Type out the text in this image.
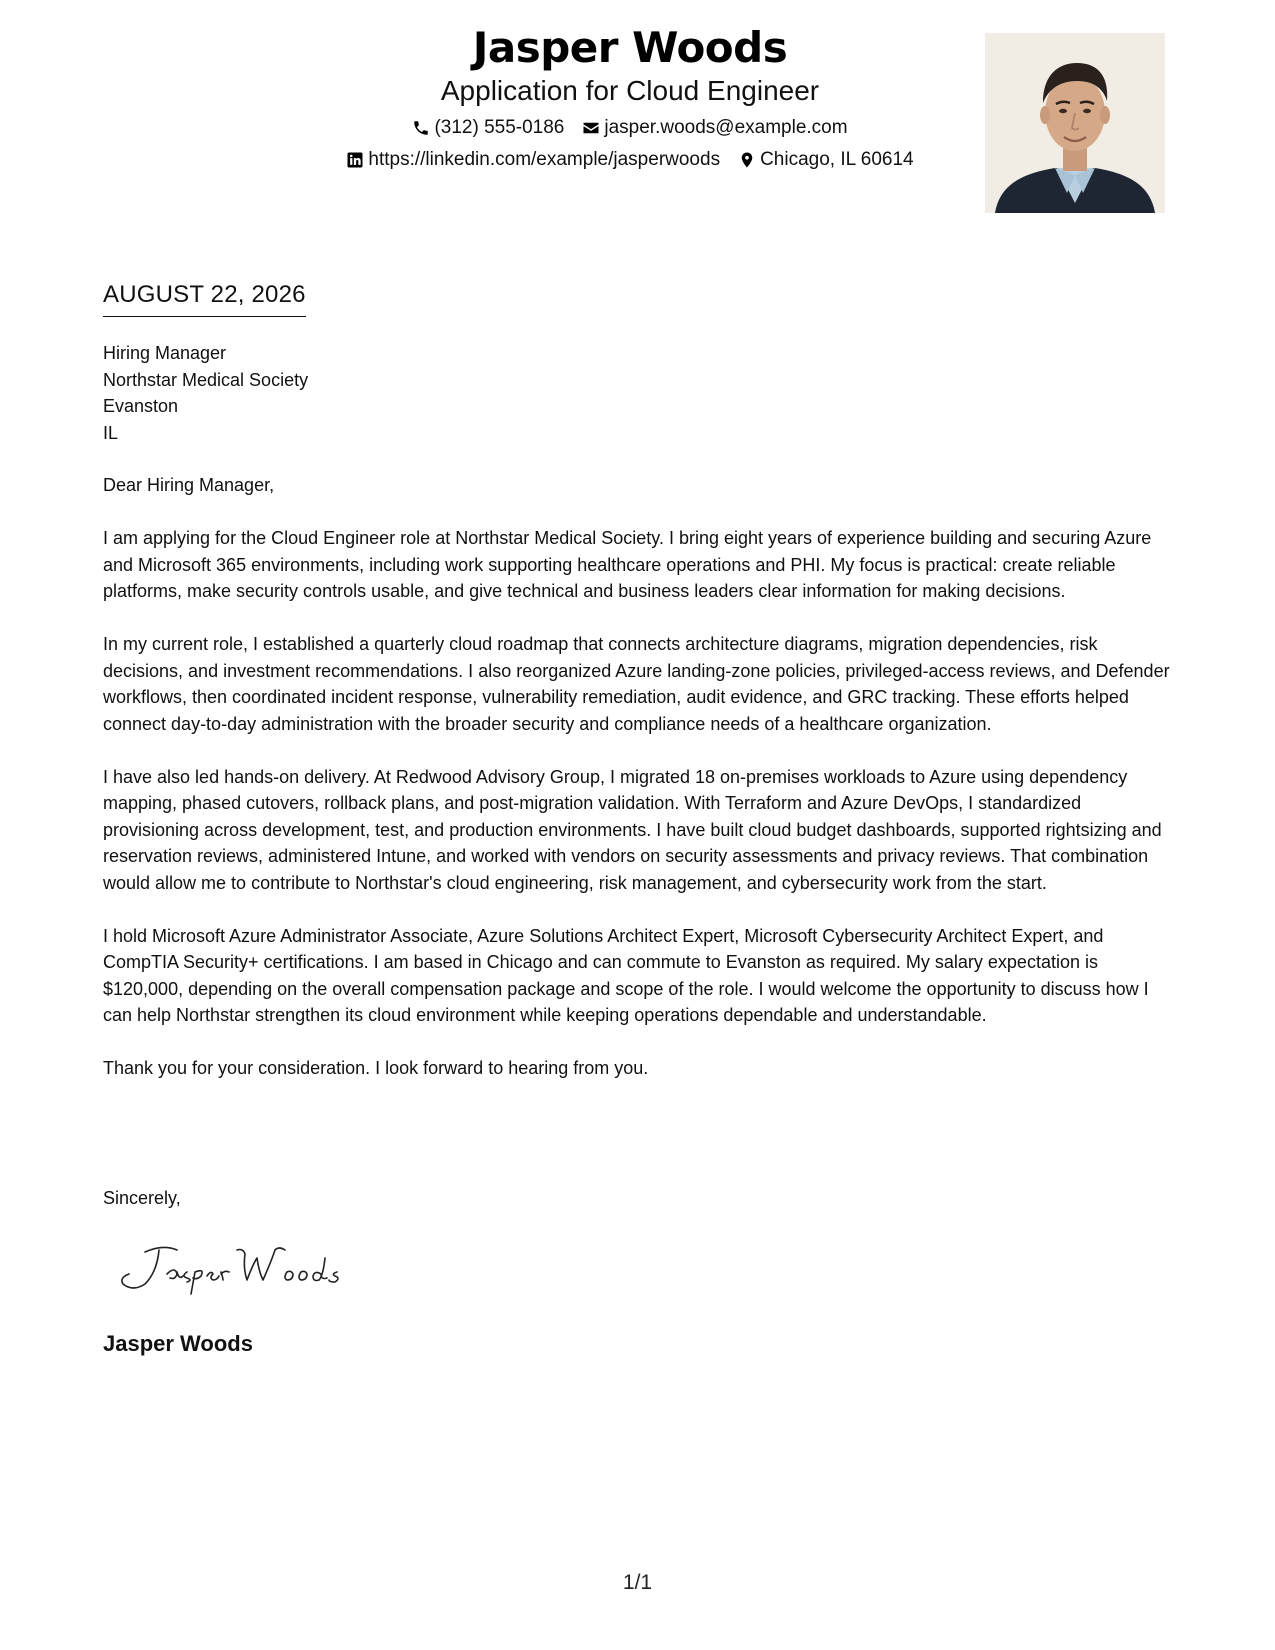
Jasper Woods
Application for Cloud Engineer
(312) 555-0186 jasper.woods@example.com
https://linkedin.com/example/jasperwoods Chicago, IL 60614
AUGUST 22, 2026
Hiring Manager
Northstar Medical Society
Evanston
IL

Dear Hiring Manager,

I am applying for the Cloud Engineer role at Northstar Medical Society. I bring eight years of experience building and securing Azure and Microsoft 365 environments, including work supporting healthcare operations and PHI. My focus is practical: create reliable platforms, make security controls usable, and give technical and business leaders clear information for making decisions.

In my current role, I established a quarterly cloud roadmap that connects architecture diagrams, migration dependencies, risk decisions, and investment recommendations. I also reorganized Azure landing-zone policies, privileged-access reviews, and Defender workflows, then coordinated incident response, vulnerability remediation, audit evidence, and GRC tracking. These efforts helped connect day-to-day administration with the broader security and compliance needs of a healthcare organization.

I have also led hands-on delivery. At Redwood Advisory Group, I migrated 18 on-premises workloads to Azure using dependency mapping, phased cutovers, rollback plans, and post-migration validation. With Terraform and Azure DevOps, I standardized provisioning across development, test, and production environments. I have built cloud budget dashboards, supported rightsizing and reservation reviews, administered Intune, and worked with vendors on security assessments and privacy reviews. That combination would allow me to contribute to Northstar's cloud engineering, risk management, and cybersecurity work from the start.

I hold Microsoft Azure Administrator Associate, Azure Solutions Architect Expert, Microsoft Cybersecurity Architect Expert, and CompTIA Security+ certifications. I am based in Chicago and can commute to Evanston as required. My salary expectation is $120,000, depending on the overall compensation package and scope of the role. I would welcome the opportunity to discuss how I can help Northstar strengthen its cloud environment while keeping operations dependable and understandable.

Thank you for your consideration. I look forward to hearing from you.

Sincerely,
Jasper Woods
1/1
